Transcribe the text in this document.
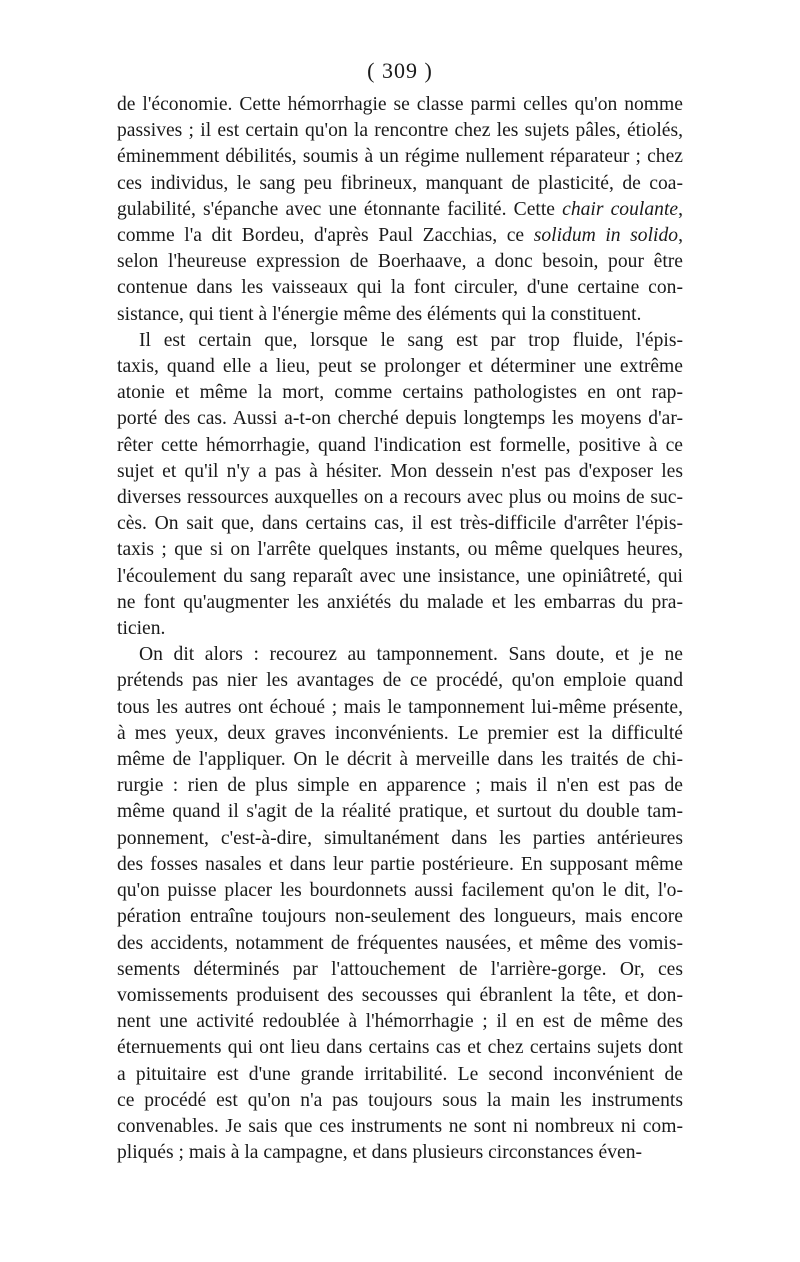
( 309 )
de l'économie. Cette hémorrhagie se classe parmi celles qu'on nomme
passives ; il est certain qu'on la rencontre chez les sujets pâles, étiolés,
éminemment débilités, soumis à un régime nullement réparateur ; chez
ces individus, le sang peu fibrineux, manquant de plasticité, de coa-
gulabilité, s'épanche avec une étonnante facilité. Cette chair coulante,
comme l'a dit Bordeu, d'après Paul Zacchias, ce solidum in solido,
selon l'heureuse expression de Boerhaave, a donc besoin, pour être
contenue dans les vaisseaux qui la font circuler, d'une certaine con-
sistance, qui tient à l'énergie même des éléments qui la constituent.
Il est certain que, lorsque le sang est par trop fluide, l'épis-
taxis, quand elle a lieu, peut se prolonger et déterminer une extrême
atonie et même la mort, comme certains pathologistes en ont rap-
porté des cas. Aussi a-t-on cherché depuis longtemps les moyens d'ar-
rêter cette hémorrhagie, quand l'indication est formelle, positive à ce
sujet et qu'il n'y a pas à hésiter. Mon dessein n'est pas d'exposer les
diverses ressources auxquelles on a recours avec plus ou moins de suc-
cès. On sait que, dans certains cas, il est très-difficile d'arrêter l'épis-
taxis ; que si on l'arrête quelques instants, ou même quelques heures,
l'écoulement du sang reparaît avec une insistance, une opiniâtreté, qui
ne font qu'augmenter les anxiétés du malade et les embarras du pra-
ticien.
On dit alors : recourez au tamponnement. Sans doute, et je ne
prétends pas nier les avantages de ce procédé, qu'on emploie quand
tous les autres ont échoué ; mais le tamponnement lui-même présente,
à mes yeux, deux graves inconvénients. Le premier est la difficulté
même de l'appliquer. On le décrit à merveille dans les traités de chi-
rurgie : rien de plus simple en apparence ; mais il n'en est pas de
même quand il s'agit de la réalité pratique, et surtout du double tam-
ponnement, c'est-à-dire, simultanément dans les parties antérieures
des fosses nasales et dans leur partie postérieure. En supposant même
qu'on puisse placer les bourdonnets aussi facilement qu'on le dit, l'o-
pération entraîne toujours non-seulement des longueurs, mais encore
des accidents, notamment de fréquentes nausées, et même des vomis-
sements déterminés par l'attouchement de l'arrière-gorge. Or, ces
vomissements produisent des secousses qui ébranlent la tête, et don-
nent une activité redoublée à l'hémorrhagie ; il en est de même des
éternuements qui ont lieu dans certains cas et chez certains sujets dont
a pituitaire est d'une grande irritabilité. Le second inconvénient de
ce procédé est qu'on n'a pas toujours sous la main les instruments
convenables. Je sais que ces instruments ne sont ni nombreux ni com-
pliqués ; mais à la campagne, et dans plusieurs circonstances éven-
